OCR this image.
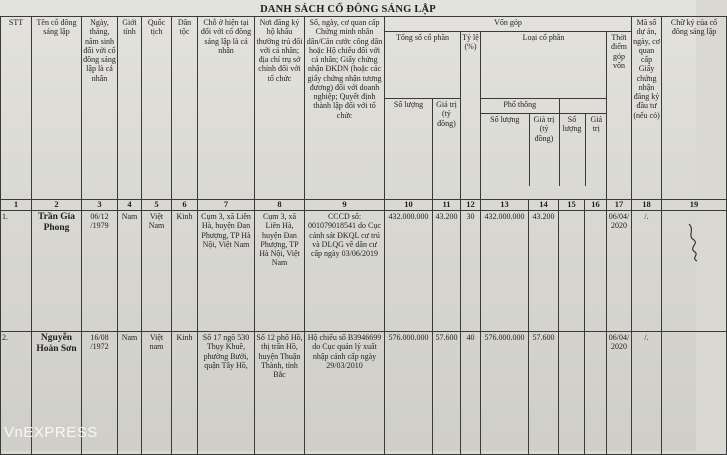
DANH SÁCH CỔ ĐÔNG SÁNG LẬP
STT	Tên cổ đông sáng lập	Ngày, tháng, năm sinh đối với cổ đông sáng lập là cá nhân	Giới tính	Quốc tịch	Dân tộc	Chỗ ở hiện tại đối với cổ đông sáng lập là cá nhân	Nơi đăng ký hộ khẩu thường trú đối với cá nhân; địa chỉ trụ sở chính đối với tổ chức	Số, ngày, cơ quan cấp Chứng minh nhân dân/Căn cước công dân hoặc Hộ chiếu đối với cá nhân; Giấy chứng nhận ĐKDN (hoặc các giấy chứng nhận tương đương) đối với doanh nghiệp; Quyết định thành lập đối với tổ chức	Vốn góp	Mã số dự án, ngày, cơ quan cấp Giấy chứng nhận đăng ký đầu tư (nếu có)	Chữ ký của cổ đông sáng lập
Tổng số cổ phần	Tỷ lệ (%)	Loại cổ phần	Thời điểm góp vốn
Số lượng	Giá trị (tỷ đồng)	
Phổ thông	
Số lượng	Giá trị (tỷ đồng)	Số lượng	Giá trị

1	2	3	4	5	6	7	8	9	10	11	12	13	14	15	16	17	18	19
1.	Trần Gia Phong	06/12 /1979	Nam	Việt Nam	Kinh	Cụm 3, xã Liên Hà, huyện Đan Phượng, TP Hà Nội, Việt Nam	Cụm 3, xã Liên Hà, huyện Đan Phượng, TP Hà Nội, Việt Nam	CCCD số: 001079018541 do Cục cảnh sát ĐKQL cư trú và DLQG về dân cư cấp ngày 03/06/2019	432.000.000	43.200	30	432.000.000	43.200			06/04/ 2020	/.	
2.	Nguyễn Hoàn Sơn	16/08 /1972	Nam	Việt nam	Kinh	Số 17 ngõ 530 Thụy Khuê, phường Bưởi, quận Tây Hồ,	Số 12 phố Hồ, thị trấn Hồ, huyện Thuận Thành, tỉnh Bắc	Hộ chiếu số B3946699 do Cục quản lý xuất nhập cảnh cấp ngày 29/03/2010	576.000.000	57.600	40	576.000.000	57.600			06/04/ 2020	/.	
VnEXPRESS
